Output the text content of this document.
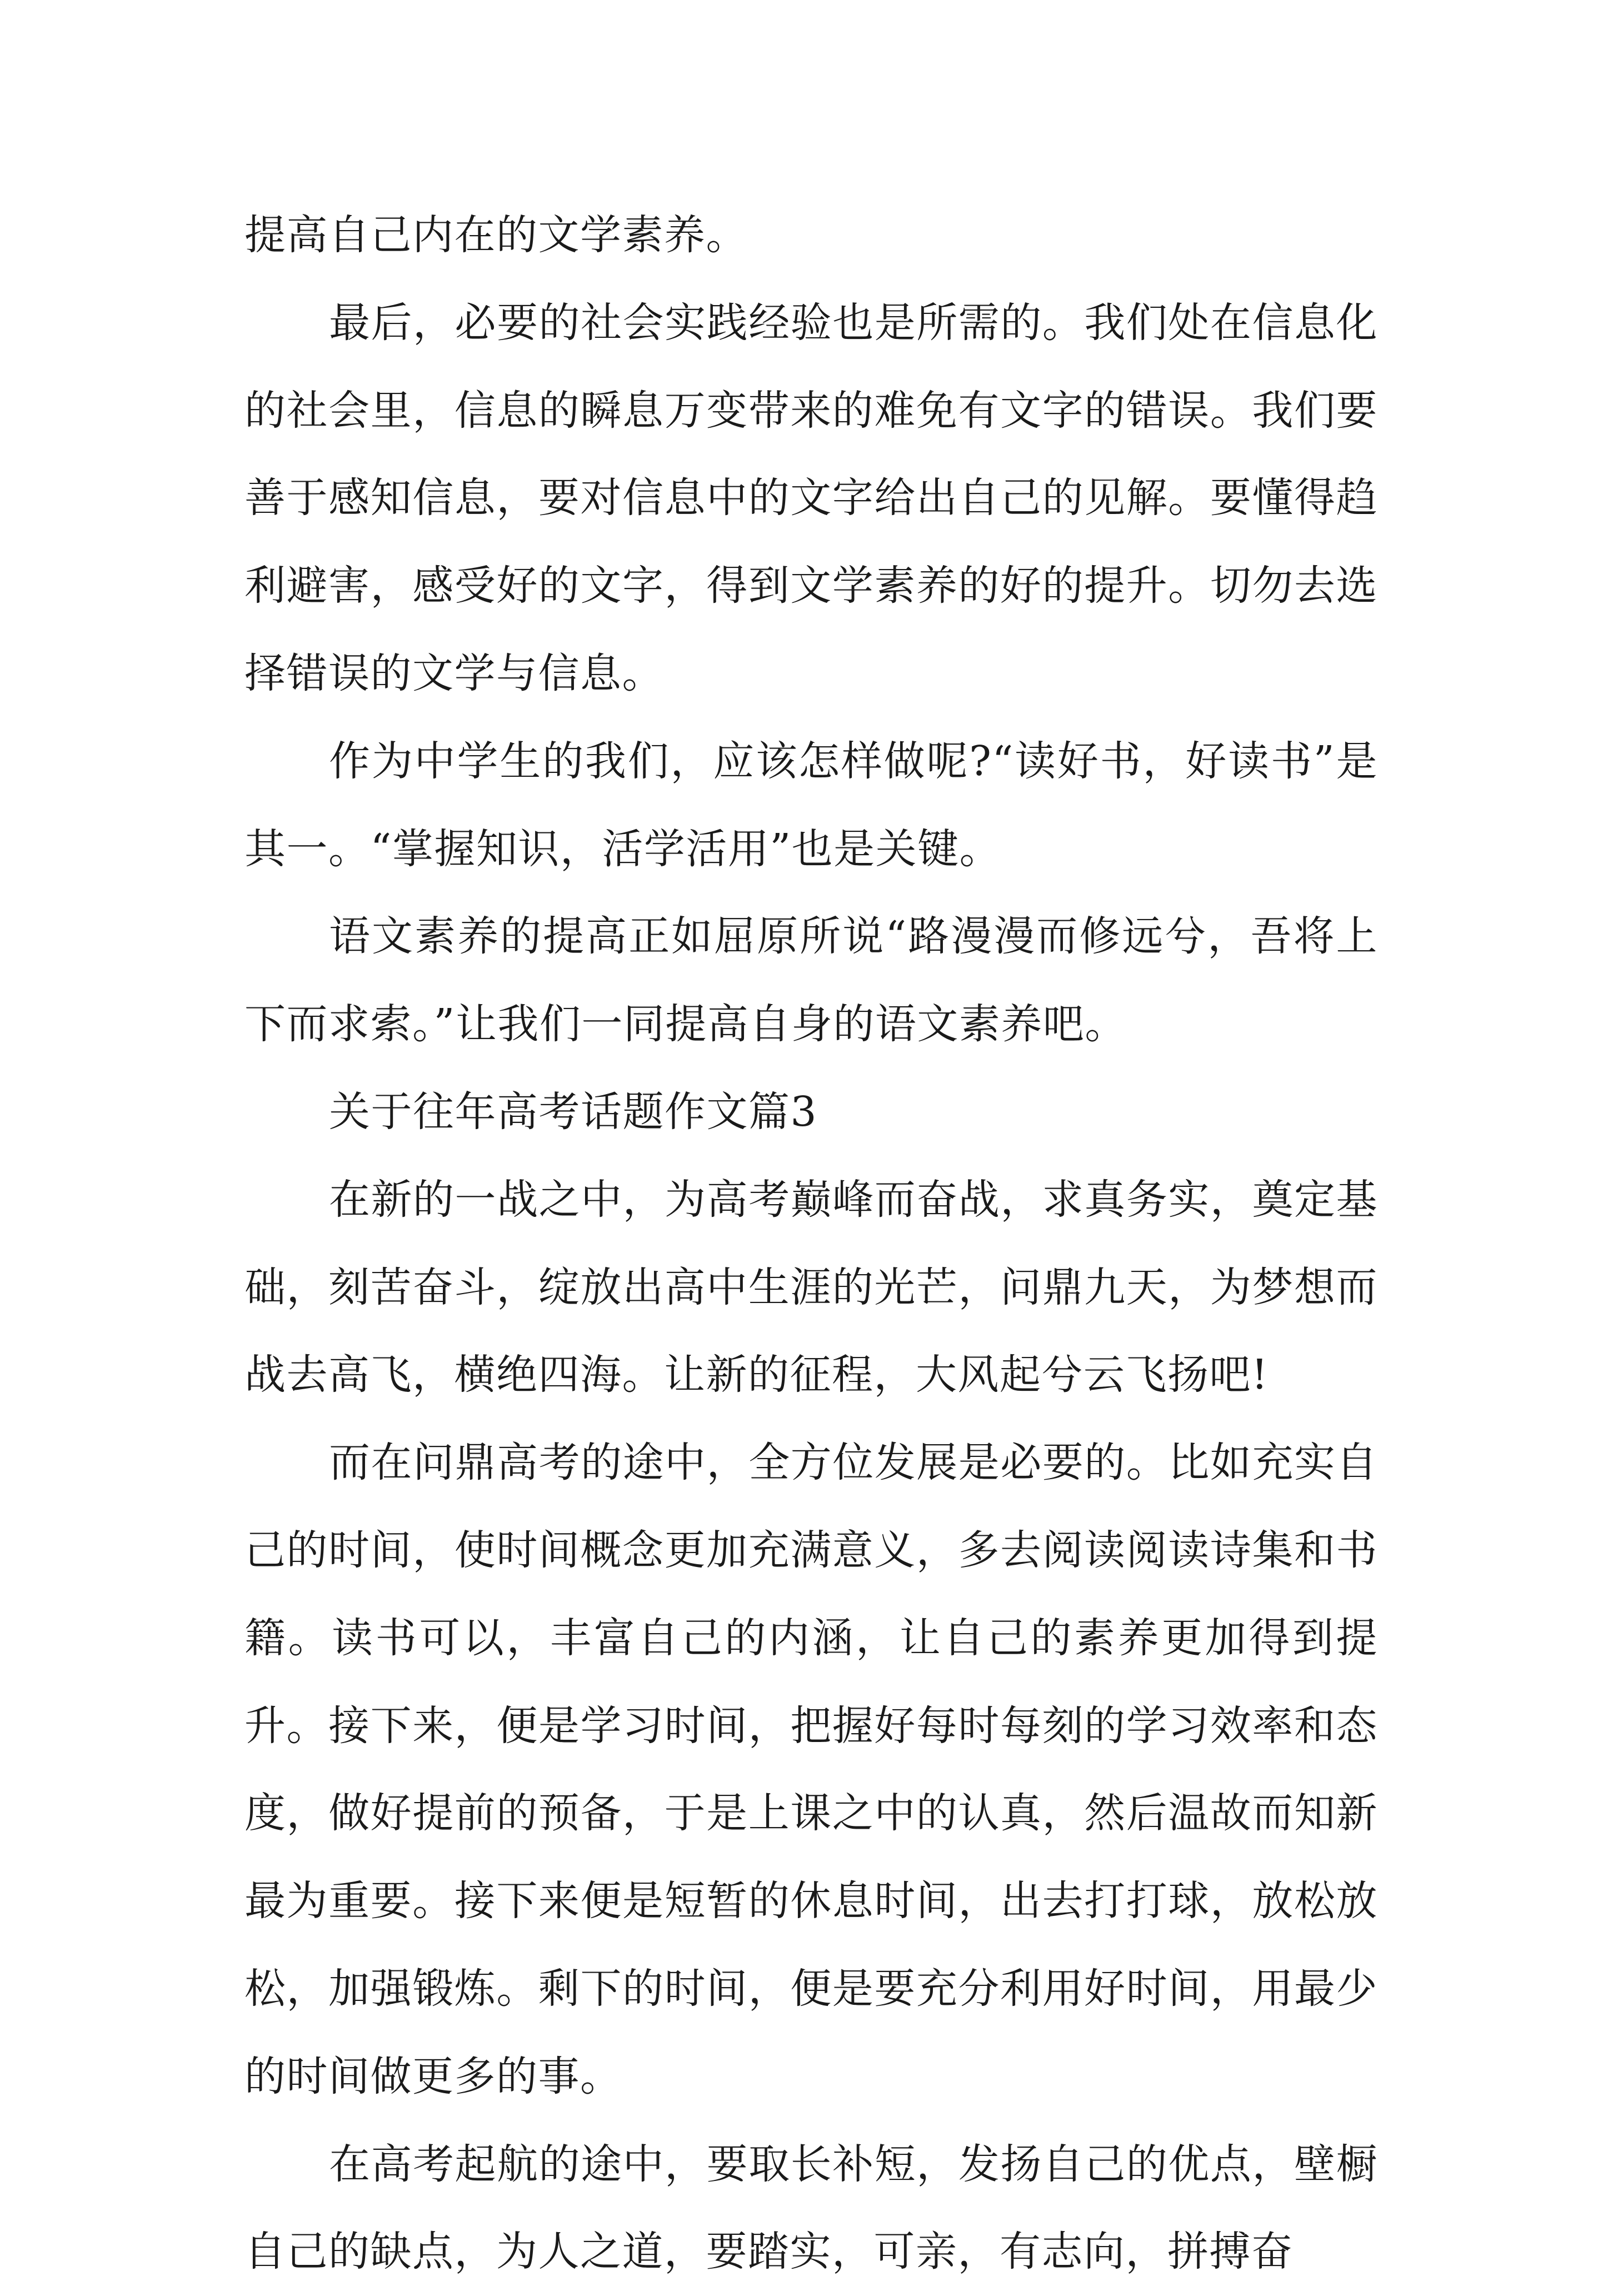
提高自己内在的文学素养。

最后，必要的社会实践经验也是所需的。我们处在信息化的社会里，信息的瞬息万变带来的难免有文字的错误。我们要善于感知信息，要对信息中的文字给出自己的见解。要懂得趋利避害，感受好的文字，得到文学素养的好的提升。切勿去选择错误的文学与信息。

作为中学生的我们，应该怎样做呢?“读好书，好读书”是其一。“掌握知识，活学活用”也是关键。

语文素养的提高正如屈原所说“路漫漫而修远兮，吾将上下而求索。”让我们一同提高自身的语文素养吧。

关于往年高考话题作文篇3

在新的一战之中，为高考巅峰而奋战，求真务实，奠定基础，刻苦奋斗，绽放出高中生涯的光芒，问鼎九天，为梦想而战去高飞，横绝四海。让新的征程，大风起兮云飞扬吧!

而在问鼎高考的途中，全方位发展是必要的。比如充实自己的时间，使时间概念更加充满意义，多去阅读阅读诗集和书籍。读书可以，丰富自己的内涵，让自己的素养更加得到提升。接下来，便是学习时间，把握好每时每刻的学习效率和态度，做好提前的预备，于是上课之中的认真，然后温故而知新最为重要。接下来便是短暂的休息时间，出去打打球，放松放松，加强锻炼。剩下的时间，便是要充分利用好时间，用最少的时间做更多的事。

在高考起航的途中，要取长补短，发扬自己的优点，壁橱自己的缺点，为人之道，要踏实，可亲，有志向，拼搏奋
